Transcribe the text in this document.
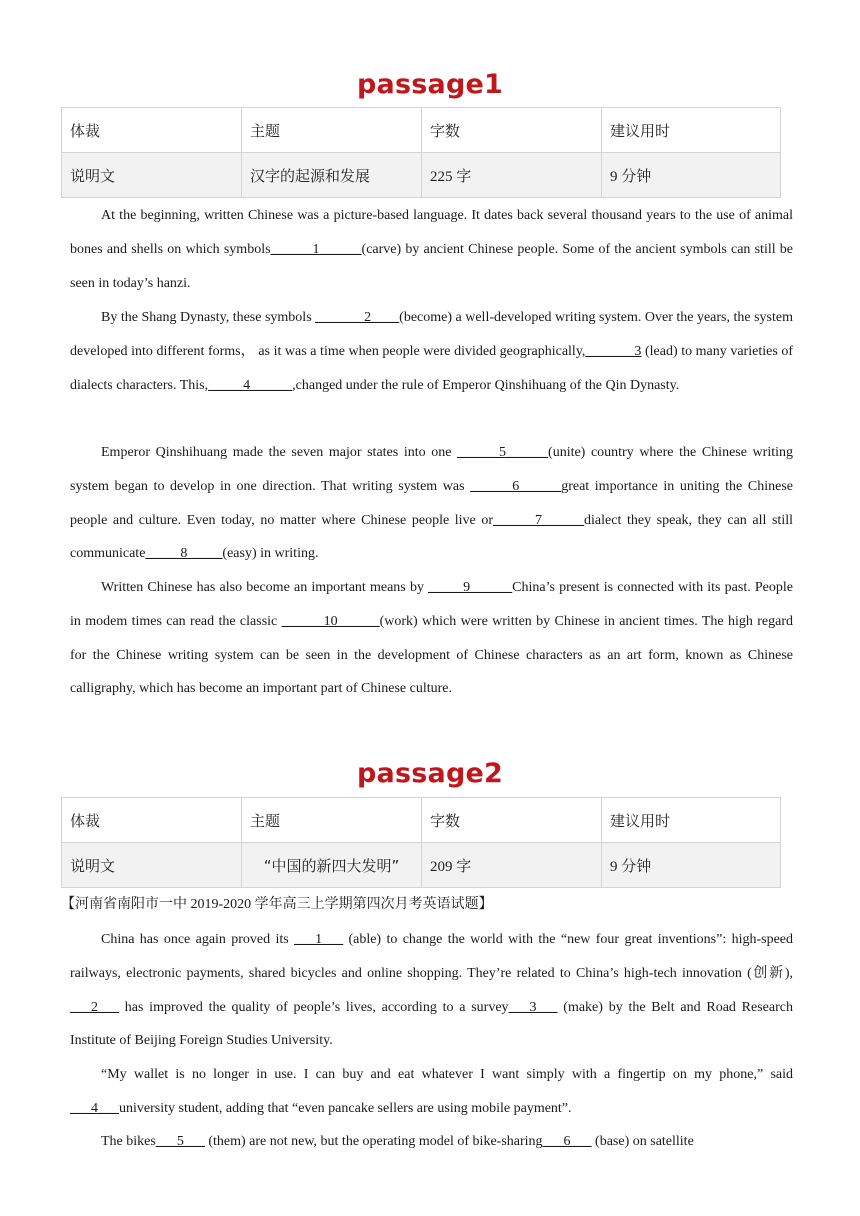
passage1
体裁	主题	字数	建议用时
说明文	汉字的起源和发展	225 字	9 分钟

At the beginning, written Chinese was a picture-based language. It dates back several thousand years to the use of animal bones and shells on which symbols______1______(carve) by ancient Chinese people. Some of the ancient symbols can still be seen in today’s hanzi.

By the Shang Dynasty, these symbols _______2____(become) a well-developed writing system. Over the years, the system developed into different forms， as it was a time when people were divided geographically,_______3 (lead) to many varieties of dialects characters. This,_____4______,changed under the rule of Emperor Qinshihuang of the Qin Dynasty.

Emperor Qinshihuang made the seven major states into one ______5______(unite) country where the Chinese writing system began to develop in one direction. That writing system was ______6______great importance in uniting the Chinese people and culture. Even today, no matter where Chinese people live or______7______dialect they speak, they can all still communicate_____8_____(easy) in writing.

Written Chinese has also become an important means by _____9______China’s present is connected with its past. People in modem times can read the classic ______10______(work) which were written by Chinese in ancient times. The high regard for the Chinese writing system can be seen in the development of Chinese characters as an art form, known as Chinese calligraphy, which has become an important part of Chinese culture.

passage2
体裁	主题	字数	建议用时
说明文	“中国的新四大发明”	209 字	9 分钟
【河南省南阳市一中 2019-2020 学年高三上学期第四次月考英语试题】

China has once again proved its ___1___ (able) to change the world with the “new four great inventions”: high-speed railways, electronic payments, shared bicycles and online shopping. They’re related to China’s high-tech innovation (创新), ___2___ has improved the quality of people’s lives, according to a survey___3___ (make) by the Belt and Road Research Institute of Beijing Foreign Studies University.

“My wallet is no longer in use. I can buy and eat whatever I want simply with a fingertip on my phone,” said ___4___university student, adding that “even pancake sellers are using mobile payment”.

The bikes___5___ (them) are not new, but the operating model of bike-sharing___6___ (base) on satellite
